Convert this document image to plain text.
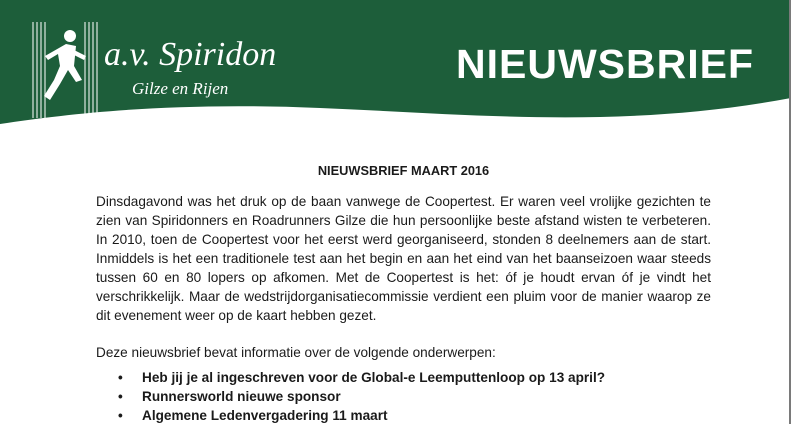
a.v. Spiridon
Gilze en Rijen
NIEUWSBRIEF
NIEUWSBRIEF MAART 2016

Dinsdagavond was het druk op de baan vanwege de Coopertest. Er waren veel vrolijke gezichten te zien van Spiridonners en Roadrunners Gilze die hun persoonlijke beste afstand wisten te verbeteren. In 2010, toen de Coopertest voor het eerst werd georganiseerd, stonden 8 deelnemers aan de start. Inmiddels is het een traditionele test aan het begin en aan het eind van het baanseizoen waar steeds tussen 60 en 80 lopers op afkomen. Met de Coopertest is het: óf je houdt ervan óf je vindt het verschrikkelijk. Maar de wedstrijdorganisatiecommissie verdient een pluim voor de manier waarop ze dit evenement weer op de kaart hebben gezet.

Deze nieuwsbrief bevat informatie over de volgende onderwerpen:

• Heb jij je al ingeschreven voor de Global-e Leemputtenloop op 13 april?
• Runnersworld nieuwe sponsor
• Algemene Ledenvergadering 11 maart
